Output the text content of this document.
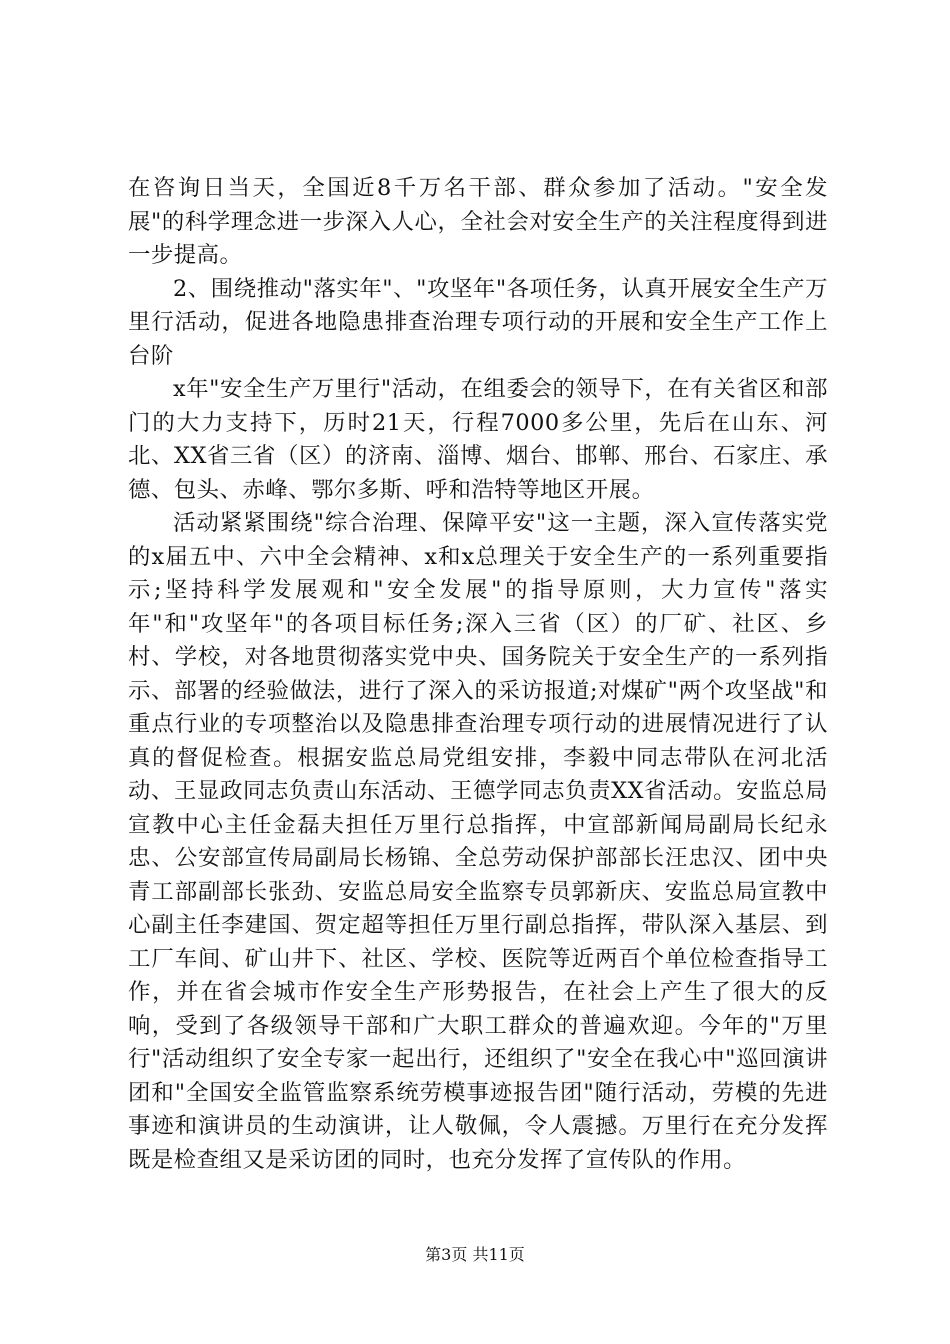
在咨询日当天，全国近8千万名干部、群众参加了活动。"安全发展"的科学理念进一步深入人心，全社会对安全生产的关注程度得到进一步提高。

2、围绕推动"落实年"、"攻坚年"各项任务，认真开展安全生产万里行活动，促进各地隐患排查治理专项行动的开展和安全生产工作上台阶

x年"安全生产万里行"活动，在组委会的领导下，在有关省区和部门的大力支持下，历时21天，行程7000多公里，先后在山东、河北、XX省三省（区）的济南、淄博、烟台、邯郸、邢台、石家庄、承德、包头、赤峰、鄂尔多斯、呼和浩特等地区开展。

活动紧紧围绕"综合治理、保障平安"这一主题，深入宣传落实党的x届五中、六中全会精神、x和x总理关于安全生产的一系列重要指示;坚持科学发展观和"安全发展"的指导原则，大力宣传"落实年"和"攻坚年"的各项目标任务;深入三省（区）的厂矿、社区、乡村、学校，对各地贯彻落实党中央、国务院关于安全生产的一系列指示、部署的经验做法，进行了深入的采访报道;对煤矿"两个攻坚战"和重点行业的专项整治以及隐患排查治理专项行动的进展情况进行了认真的督促检查。根据安监总局党组安排，李毅中同志带队在河北活动、王显政同志负责山东活动、王德学同志负责XX省活动。安监总局宣教中心主任金磊夫担任万里行总指挥，中宣部新闻局副局长纪永忠、公安部宣传局副局长杨锦、全总劳动保护部部长汪忠汉、团中央青工部副部长张劲、安监总局安全监察专员郭新庆、安监总局宣教中心副主任李建国、贺定超等担任万里行副总指挥，带队深入基层、到工厂车间、矿山井下、社区、学校、医院等近两百个单位检查指导工作，并在省会城市作安全生产形势报告，在社会上产生了很大的反响，受到了各级领导干部和广大职工群众的普遍欢迎。今年的"万里行"活动组织了安全专家一起出行，还组织了"安全在我心中"巡回演讲团和"全国安全监管监察系统劳模事迹报告团"随行活动，劳模的先进事迹和演讲员的生动演讲，让人敬佩，令人震撼。万里行在充分发挥既是检查组又是采访团的同时，也充分发挥了宣传队的作用。

第3页 共11页
